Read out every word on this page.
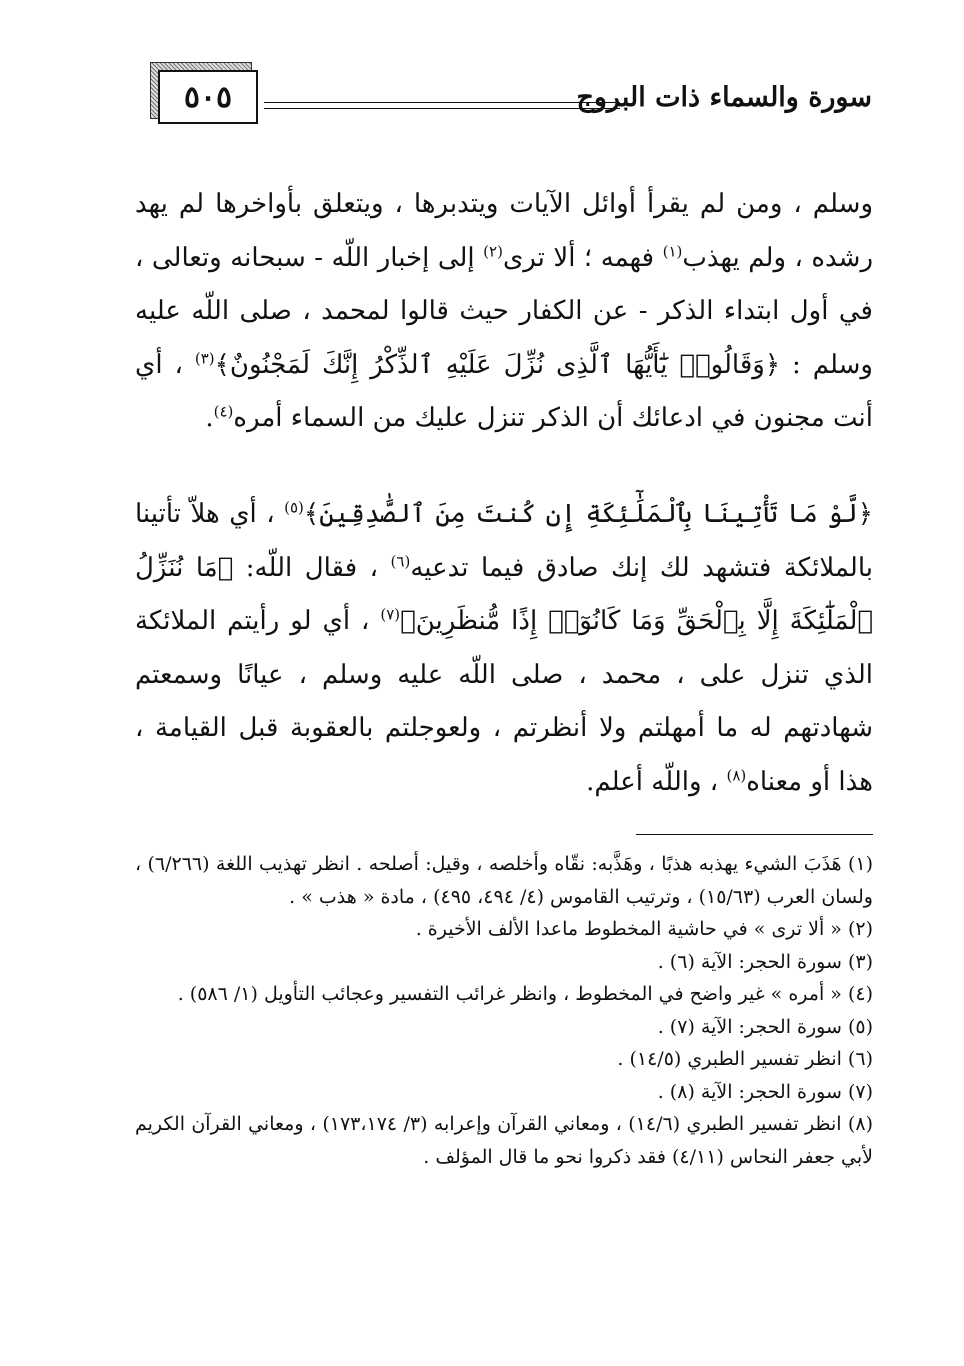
٥٠٥	سورة والسماء ذات البروج
وسلم ، ومن لم يقرأ أوائل الآيات ويتدبرها ، ويتعلق بأواخرها لم يهد رشده ، ولم يهذب$^{(١)}$ فهمه ؛ ألا ترى$^{(٢)}$ إلى إخبار اللّه - سبحانه وتعالى ، في أول ابتداء الذكر - عن الكفار حيث قالوا لمحمد ، صلى اللّه عليه وسلم : ﴿وَقَالُوا۟ يَٰٓأَيُّهَا ٱلَّذِى نُزِّلَ عَلَيْهِ ٱلذِّكْرُ إِنَّكَ لَمَجْنُونٌ﴾$^{(٣)}$ ، أي أنت مجنون في ادعائك أن الذكر تنزل عليك من السماء أمره$^{(٤)}$.
﴿لَّوْ مَا تَأْتِينَا بِٱلْمَلَٰٓئِكَةِ إِن كُنتَ مِنَ ٱلصَّٰدِقِينَ﴾$^{(٥)}$ ، أي هلاّ تأتينا بالملائكة فتشهد لك إنك صادق فيما تدعيه$^{(٦)}$ ، فقال اللّه: ﴿مَا نُنَزِّلُ ٱلْمَلَٰٓئِكَةَ إِلَّا بِٱلْحَقِّ وَمَا كَانُوٓا۟ إِذًا مُّنظَرِينَ﴾$^{(٧)}$ ، أي لو رأيتم الملائكة الذي تنزل على ، محمد ، صلى اللّه عليه وسلم ، عيانًا وسمعتم شهادتهم له ما أمهلتم ولا أنظرتم ، ولعوجلتم بالعقوبة قبل القيامة ، هذا أو معناه$^{(٨)}$ ، واللّه أعلم.

(١) هَذَبَ الشيء يهذبه هذبًا ، وهَذَّبه: نقّاه وأخلصه ، وقيل: أصلحه . انظر تهذيب اللغة (٦/٢٦٦) ، ولسان العرب (١٥/٦٣) ، وترتيب القاموس (٤/ ٤٩٤، ٤٩٥) ، مادة « هذب » .

(٢) « ألا ترى » في حاشية المخطوط ماعدا الألف الأخيرة .

(٣) سورة الحجر: الآية (٦) .

(٤) « أمره » غير واضح في المخطوط ، وانظر غرائب التفسير وعجائب التأويل (١/ ٥٨٦) .

(٥) سورة الحجر: الآية (٧) .

(٦) انظر تفسير الطبري (١٤/٥) .

(٧) سورة الحجر: الآية (٨) .

(٨) انظر تفسير الطبري (١٤/٦) ، ومعاني القرآن وإعرابه (٣/ ١٧٣،١٧٤) ، ومعاني القرآن الكريم لأبي جعفر النحاس (٤/١١) فقد ذكروا نحو ما قال المؤلف .
